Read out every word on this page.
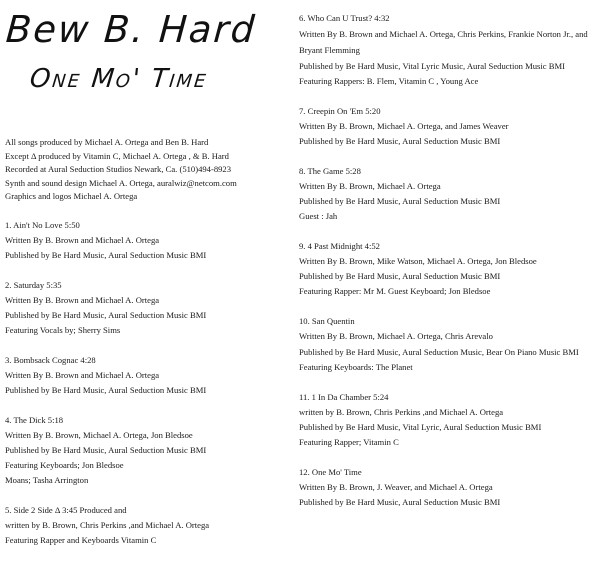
Bew B. Hard
One Mo' Time

All songs produced by Michael A. Ortega and Ben B. Hard

Except Δ produced by Vitamin C, Michael A. Ortega , & B. Hard

Recorded at Aural Seduction Studios Newark, Ca. (510)494-8923

Synth and sound design Michael A. Ortega, auralwiz@netcom.com

Graphics and logos Michael A. Ortega

1. Ain't No Love 5:50

Written By B. Brown and Michael A. Ortega

Published by Be Hard Music, Aural Seduction Music BMI

2. Saturday 5:35

Written By B. Brown and Michael A. Ortega

Published by Be Hard Music, Aural Seduction Music BMI

Featuring Vocals by; Sherry Sims

3. Bombsack Cognac 4:28

Written By B. Brown and Michael A. Ortega

Published by Be Hard Music, Aural Seduction Music BMI

4. The Dick 5:18

Written By B. Brown, Michael A. Ortega, Jon Bledsoe

Published by Be Hard Music, Aural Seduction Music BMI

Featuring Keyboards; Jon Bledsoe

Moans; Tasha Arrington

5. Side 2 Side Δ 3:45 Produced and

written by B. Brown, Chris Perkins ,and Michael A. Ortega

Featuring Rapper and Keyboards Vitamin C

6. Who Can U Trust? 4:32

Written By B. Brown and Michael A. Ortega, Chris Perkins, Frankie Norton Jr., and Bryant Flemming

Published by Be Hard Music, Vital Lyric Music, Aural Seduction Music BMI

Featuring Rappers: B. Flem, Vitamin C , Young Ace

7. Creepin On 'Em 5:20

Written By B. Brown, Michael A. Ortega, and James Weaver

Published by Be Hard Music, Aural Seduction Music BMI

8. The Game 5:28

Written By B. Brown, Michael A. Ortega

Published by Be Hard Music, Aural Seduction Music BMI

Guest : Jah

9. 4 Past Midnight 4:52

Written By B. Brown, Mike Watson, Michael A. Ortega, Jon Bledsoe

Published by Be Hard Music, Aural Seduction Music BMI

Featuring Rapper: Mr M. Guest Keyboard; Jon Bledsoe

10. San Quentin

Written By B. Brown, Michael A. Ortega, Chris Arevalo

Published by Be Hard Music, Aural Seduction Music, Bear On Piano Music BMI

Featuring Keyboards: The Planet

11. 1 In Da Chamber 5:24

written by B. Brown, Chris Perkins ,and Michael A. Ortega

Published by Be Hard Music, Vital Lyric, Aural Seduction Music BMI

Featuring Rapper; Vitamin C

12. One Mo' Time

Written By B. Brown, J. Weaver, and Michael A. Ortega

Published by Be Hard Music, Aural Seduction Music BMI
